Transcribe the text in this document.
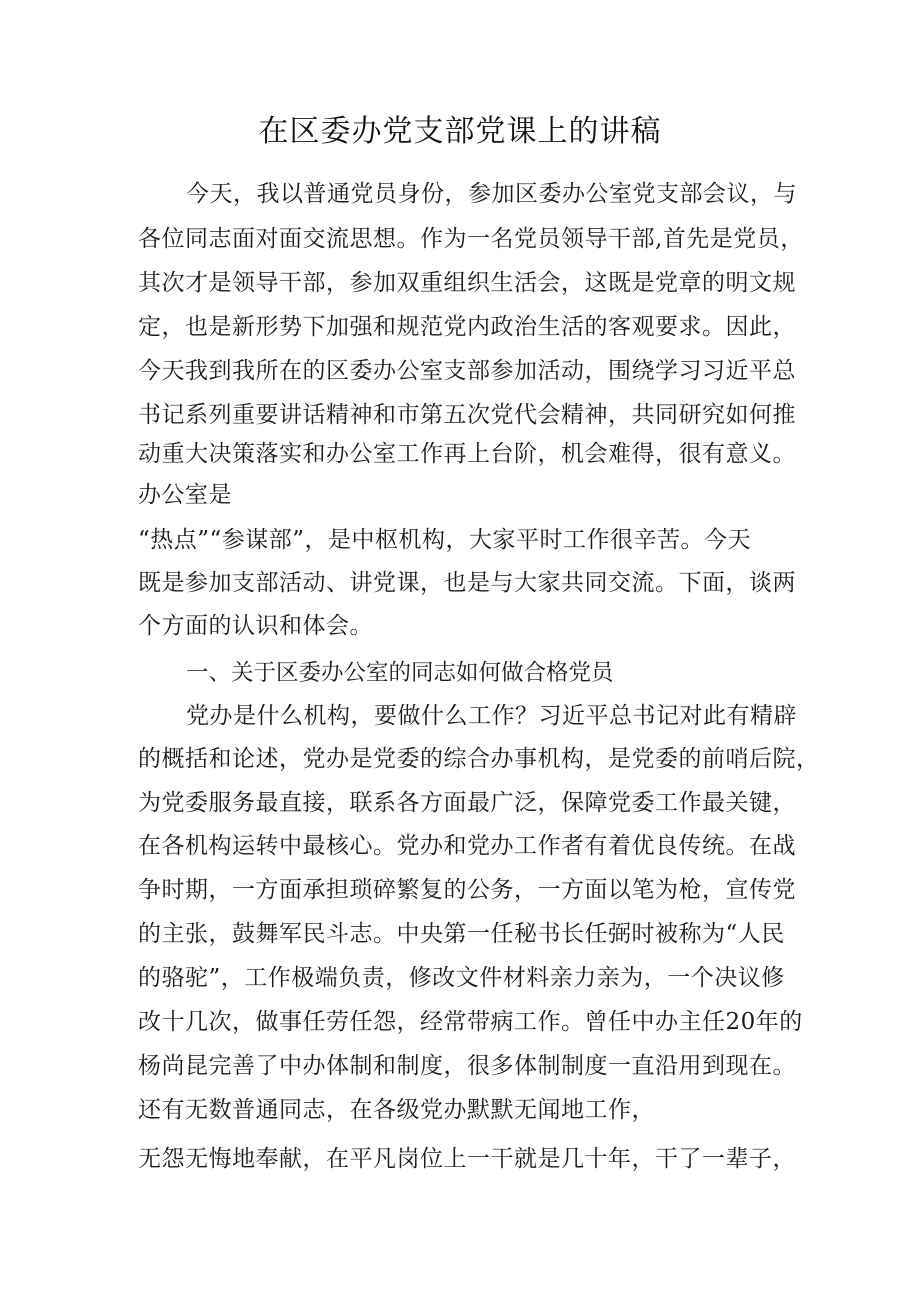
在区委办党支部党课上的讲稿
今天，我以普通党员身份，参加区委办公室党支部会议，与
各位同志面对面交流思想。作为一名党员领导干部,首先是党员，
其次才是领导干部，参加双重组织生活会，这既是党章的明文规
定，也是新形势下加强和规范党内政治生活的客观要求。因此，
今天我到我所在的区委办公室支部参加活动，围绕学习习近平总
书记系列重要讲话精神和市第五次党代会精神，共同研究如何推
动重大决策落实和办公室工作再上台阶，机会难得，很有意义。
办公室是
“热点”“参谋部”，是中枢机构，大家平时工作很辛苦。今天
既是参加支部活动、讲党课，也是与大家共同交流。下面，谈两
个方面的认识和体会。
一、关于区委办公室的同志如何做合格党员
党办是什么机构，要做什么工作？习近平总书记对此有精辟
的概括和论述，党办是党委的综合办事机构，是党委的前哨后院，
为党委服务最直接，联系各方面最广泛，保障党委工作最关键，
在各机构运转中最核心。党办和党办工作者有着优良传统。在战
争时期，一方面承担琐碎繁复的公务，一方面以笔为枪，宣传党
的主张，鼓舞军民斗志。中央第一任秘书长任弼时被称为“人民
的骆驼”，工作极端负责，修改文件材料亲力亲为，一个决议修
改十几次，做事任劳任怨，经常带病工作。曾任中办主任20年的
杨尚昆完善了中办体制和制度，很多体制制度一直沿用到现在。
还有无数普通同志，在各级党办默默无闻地工作，
无怨无悔地奉献，在平凡岗位上一干就是几十年，干了一辈子，
